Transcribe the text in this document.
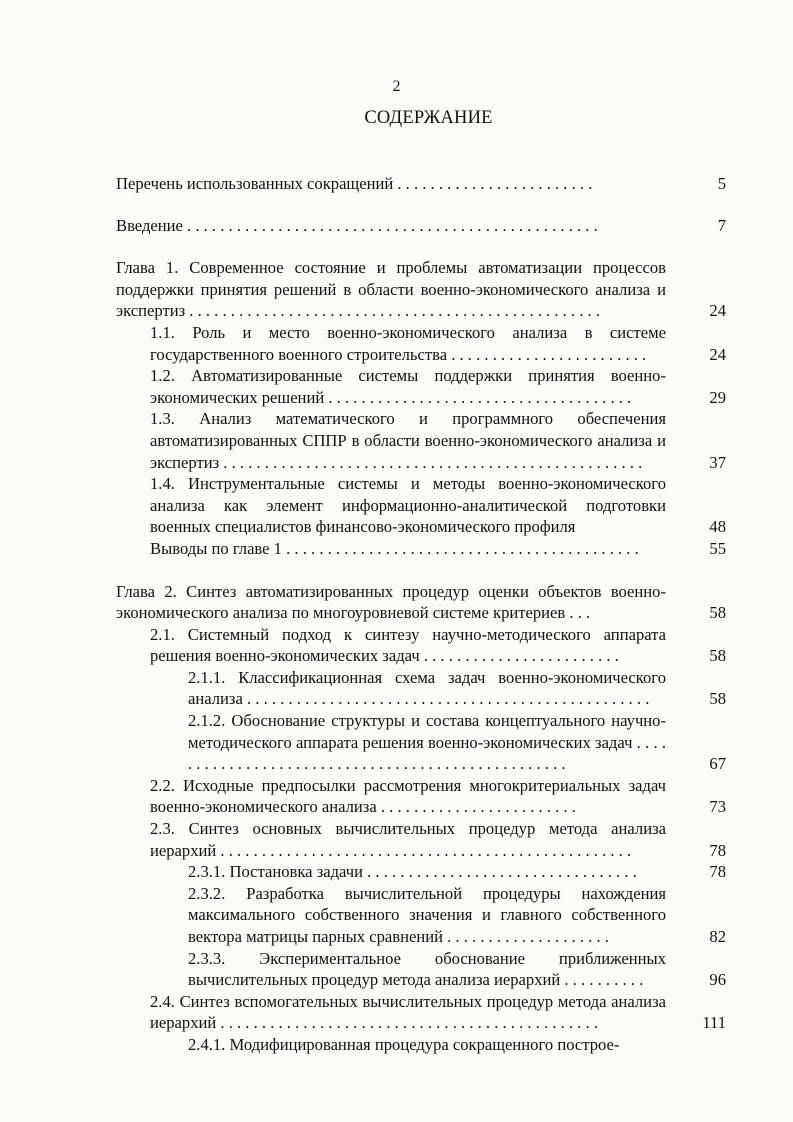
2
СОДЕРЖАНИЕ
Перечень использованных сокращений . . . . . . . . . . . . . . . . . . . . . . . .	5
Введение . . . . . . . . . . . . . . . . . . . . . . . . . . . . . . . . . . . . . . . . . . . . . . . . . .	7
Глава 1. Современное состояние и проблемы автоматизации процессов поддержки принятия решений в области военно-экономического анализа и экспертиз . . . . . . . . . . . . . . . . . . . . . . . . . . . . . . . . . . . . . . . . . . . . . . . . . .	24
1.1. Роль и место военно-экономического анализа в системе государственного военного строительства . . . . . . . . . . . . . . . . . . . . . . . .	24
1.2. Автоматизированные системы поддержки принятия военно-экономических решений . . . . . . . . . . . . . . . . . . . . . . . . . . . . . . . . . . . . .	29
1.3. Анализ математического и программного обеспечения автоматизированных СППР в области военно-экономического анализа и экспертиз . . . . . . . . . . . . . . . . . . . . . . . . . . . . . . . . . . . . . . . . . . . . . . . . . . .	37
1.4. Инструментальные системы и методы военно-экономического анализа как элемент информационно-аналитической подготовки военных специалистов финансово-экономического профиля	48
Выводы по главе 1 . . . . . . . . . . . . . . . . . . . . . . . . . . . . . . . . . . . . . . . . . . .	55
Глава 2. Синтез автоматизированных процедур оценки объектов военно-экономического анализа по многоуровневой системе критериев . . .	58
2.1. Системный подход к синтезу научно-методического аппарата решения военно-экономических задач . . . . . . . . . . . . . . . . . . . . . . . .	58
2.1.1. Классификационная схема задач военно-экономического анализа . . . . . . . . . . . . . . . . . . . . . . . . . . . . . . . . . . . . . . . . . . . . . . . . .	58
2.1.2. Обоснование структуры и состава концептуального научно-методического аппарата решения военно-экономических задач . . . . . . . . . . . . . . . . . . . . . . . . . . . . . . . . . . . . . . . . . . . . . . . . . .	67
2.2. Исходные предпосылки рассмотрения многокритериальных задач военно-экономического анализа . . . . . . . . . . . . . . . . . . . . . . . .	73
2.3. Синтез основных вычислительных процедур метода анализа иерархий . . . . . . . . . . . . . . . . . . . . . . . . . . . . . . . . . . . . . . . . . . . . . . . . . .	78
2.3.1. Постановка задачи . . . . . . . . . . . . . . . . . . . . . . . . . . . . . . . . .	78
2.3.2. Разработка вычислительной процедуры нахождения максимального собственного значения и главного собственного вектора матрицы парных сравнений . . . . . . . . . . . . . . . . . . . .	82
2.3.3. Экспериментальное обоснование приближенных вычислительных процедур метода анализа иерархий . . . . . . . . . .	96
2.4. Синтез вспомогательных вычислительных процедур метода анализа иерархий . . . . . . . . . . . . . . . . . . . . . . . . . . . . . . . . . . . . . . . . . . . . . .	111
2.4.1. Модифицированная процедура сокращенного построе-
